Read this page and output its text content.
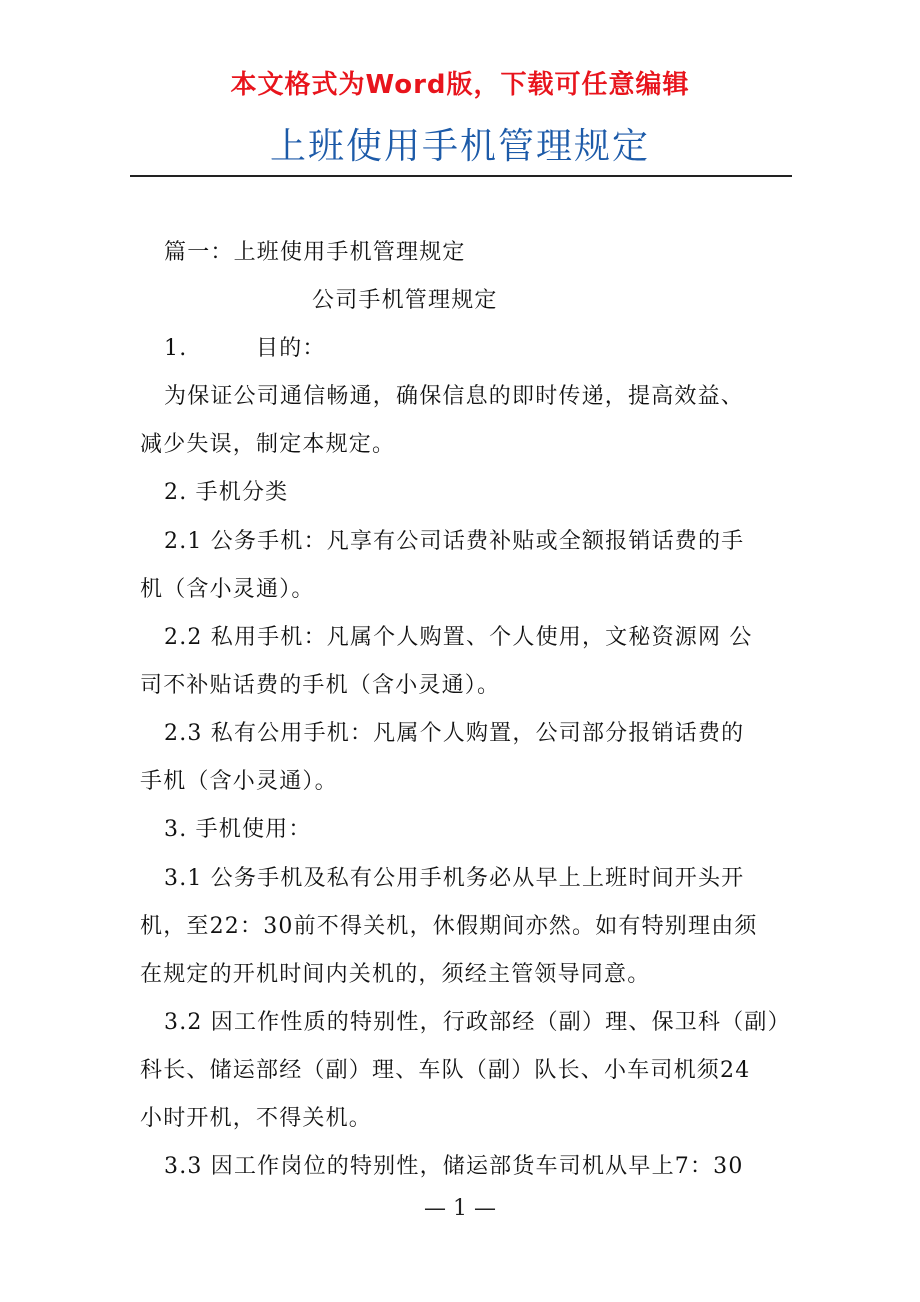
本文格式为Word版，下载可任意编辑
上班使用手机管理规定
篇一：上班使用手机管理规定
公司手机管理规定
1.	目的：
为保证公司通信畅通，确保信息的即时传递，提高效益、
减少失误，制定本规定。
2. 手机分类
2.1 公务手机：凡享有公司话费补贴或全额报销话费的手
机（含小灵通）。
2.2 私用手机：凡属个人购置、个人使用，文秘资源网 公
司不补贴话费的手机（含小灵通）。
2.3 私有公用手机：凡属个人购置，公司部分报销话费的
手机（含小灵通）。
3. 手机使用：
3.1 公务手机及私有公用手机务必从早上上班时间开头开
机，至22：30前不得关机，休假期间亦然。如有特别理由须
在规定的开机时间内关机的，须经主管领导同意。
3.2 因工作性质的特别性，行政部经（副）理、保卫科（副）
科长、储运部经（副）理、车队（副）队长、小车司机须24
小时开机，不得关机。
3.3 因工作岗位的特别性，储运部货车司机从早上7：30
— 1 —
